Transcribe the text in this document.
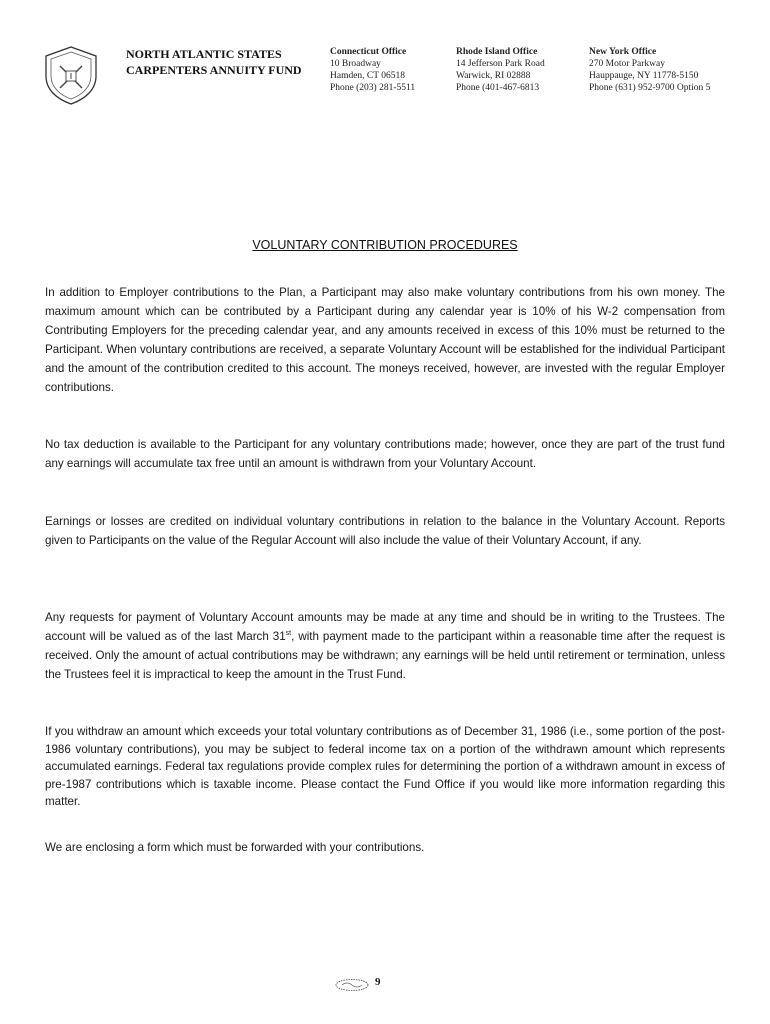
NORTH ATLANTIC STATES
CARPENTERS ANNUITY FUND
Connecticut Office
10 Broadway
Hamden, CT 06518
Phone (203) 281-5511
Rhode Island Office
14 Jefferson Park Road
Warwick, RI 02888
Phone (401-467-6813
New York Office
270 Motor Parkway
Hauppauge, NY 11778-5150
Phone (631) 952-9700 Option 5
VOLUNTARY CONTRIBUTION PROCEDURES
In addition to Employer contributions to the Plan, a Participant may also make voluntary contributions from his own money. The maximum amount which can be contributed by a Participant during any calendar year is 10% of his W-2 compensation from Contributing Employers for the preceding calendar year, and any amounts received in excess of this 10% must be returned to the Participant. When voluntary contributions are received, a separate Voluntary Account will be established for the individual Participant and the amount of the contribution credited to this account. The moneys received, however, are invested with the regular Employer contributions.
No tax deduction is available to the Participant for any voluntary contributions made; however, once they are part of the trust fund any earnings will accumulate tax free until an amount is withdrawn from your Voluntary Account.
Earnings or losses are credited on individual voluntary contributions in relation to the balance in the Voluntary Account. Reports given to Participants on the value of the Regular Account will also include the value of their Voluntary Account, if any.
Any requests for payment of Voluntary Account amounts may be made at any time and should be in writing to the Trustees. The account will be valued as of the last March 31st, with payment made to the participant within a reasonable time after the request is received. Only the amount of actual contributions may be withdrawn; any earnings will be held until retirement or termination, unless the Trustees feel it is impractical to keep the amount in the Trust Fund.
If you withdraw an amount which exceeds your total voluntary contributions as of December 31, 1986 (i.e., some portion of the post-1986 voluntary contributions), you may be subject to federal income tax on a portion of the withdrawn amount which represents accumulated earnings. Federal tax regulations provide complex rules for determining the portion of a withdrawn amount in excess of pre-1987 contributions which is taxable income. Please contact the Fund Office if you would like more information regarding this matter.
We are enclosing a form which must be forwarded with your contributions.
9
